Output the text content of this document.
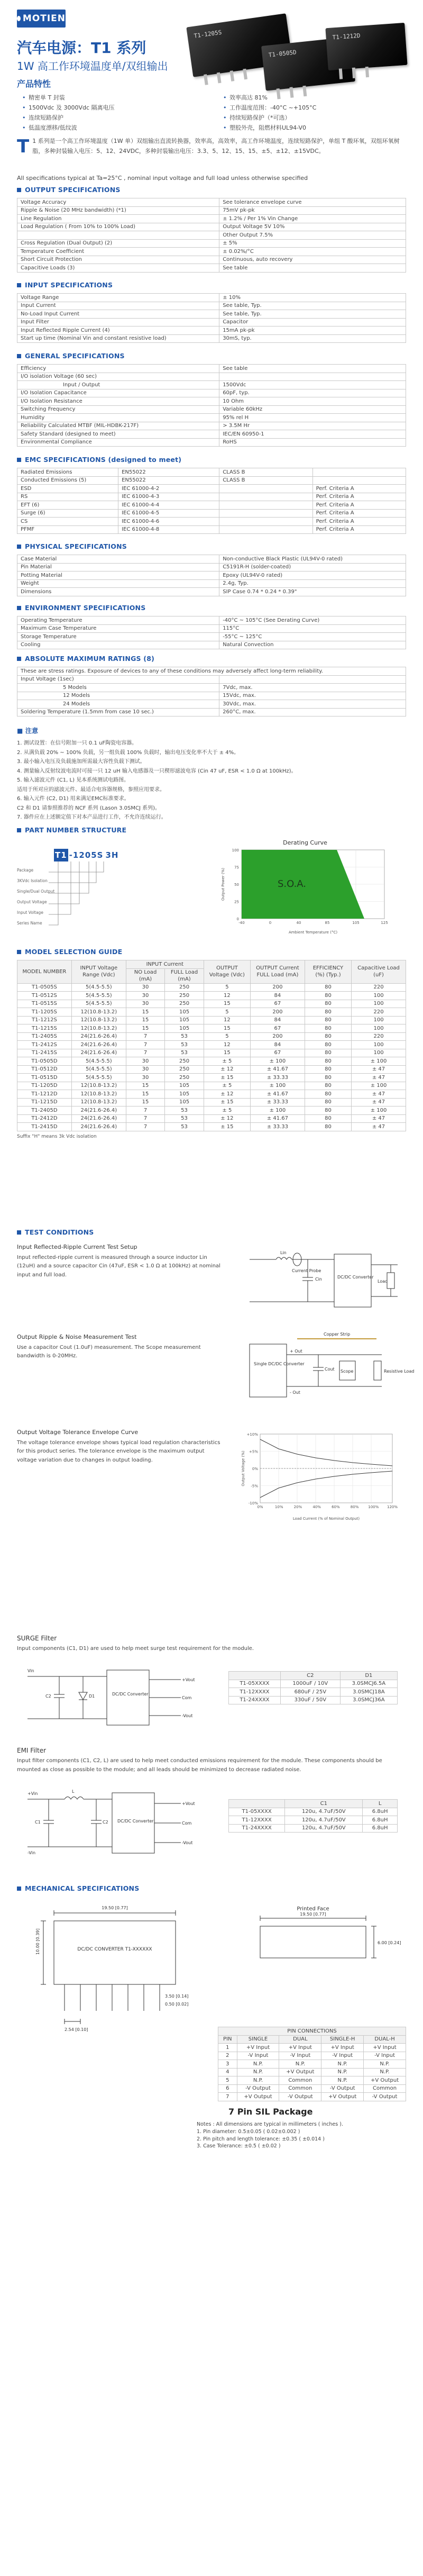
MOTIEN
汽车电源：T1 系列
1W 高工作环境温度单/双组输出
T1-1205S
T1-0505D
T1-1212D
产品特性
• 精密单 T 封装	• 效率高达 81%
• 1500Vdc 及 3000Vdc 隔离电压	• 工作温度范围：-40°C ~+105°C
• 连续短路保护	• 持续短路保护（*可选）
• 低温度漂移/低纹波	• 塑胶外壳，阻燃材料UL94-V0
T 1 系列是一个高工作环境温度（1W 单）双组输出直流转换器，效率高，高效率，高工作环境温度，连续短路保护，单组 T 酸环氧，双组环氧树脂，多种封装输入电压：5、12、24VDC，多种封装输出电压：3.3、5、12、15、15、±5、±12、±15VDC。
All specifications typical at Ta=25°C , nominal input voltage and full load unless otherwise specified
OUTPUT SPECIFICATIONS
Voltage Accuracy	See tolerance envelope curve
Ripple & Noise (20 MHz bandwidth) (*1)	75mV pk-pk
Line Regulation	± 1.2% / Per 1% Vin Change
Load Regulation ( From 10% to 100% Load)	Output Voltage 5V 10%
	Other Output 7.5%
Cross Regulation (Dual Output) (2)	± 5%
Temperature Coefficient	± 0.02%/°C
Short Circuit Protection	Continuous, auto recovery
Capacitive Loads (3)	See table
INPUT SPECIFICATIONS
Voltage Range	± 10%
Input Current	See table, Typ.
No-Load Input Current	See table, Typ.
Input Filter	Capacitor
Input Reflected Ripple Current (4)	15mA pk-pk
Start up time (Nominal Vin and constant resistive load)	30mS, typ.
GENERAL SPECIFICATIONS
Efficiency	See table
I/O isolation Voltage (60 sec)	
Input / Output	1500Vdc
I/O Isolation Capacitance	60pF, typ.
I/O Isolation Resistance	10 Ohm
Switching Frequency	Variable 60kHz
Humidity	95% rel H
Reliability Calculated MTBF (MIL-HDBK-217F)	> 3.5M Hr
Safety Standard (designed to meet)	IEC/EN 60950-1
Environmental Compliance	RoHS
EMC SPECIFICATIONS (designed to meet)
Radiated Emissions	EN55022	CLASS B	
Conducted Emissions (5)	EN55022	CLASS B	
ESD	IEC 61000-4-2		Perf. Criteria A
RS	IEC 61000-4-3		Perf. Criteria A
EFT (6)	IEC 61000-4-4		Perf. Criteria A
Surge (6)	IEC 61000-4-5		Perf. Criteria A
CS	IEC 61000-4-6		Perf. Criteria A
PFMF	IEC 61000-4-8		Perf. Criteria A
PHYSICAL SPECIFICATIONS
Case Material	Non-conductive Black Plastic (UL94V-0 rated)
Pin Material	C5191R-H (solder-coated)
Potting Material	Epoxy (UL94V-0 rated)
Weight	2.4g, Typ.
Dimensions	SIP Case 0.74 * 0.24 * 0.39"
ENVIRONMENT SPECIFICATIONS
Operating Temperature	-40°C ~ 105°C (See Derating Curve)
Maximum Case Temperature	115°C
Storage Temperature	-55°C ~ 125°C
Cooling	Natural Convection
ABSOLUTE MAXIMUM RATINGS (8)
These are stress ratings. Exposure of devices to any of these conditions may adversely affect long-term reliability.	
Input Voltage (1sec)	
5 Models	7Vdc, max.
12 Models	15Vdc, max.
24 Models	30Vdc, max.
Soldering Temperature (1.5mm from case 10 sec.)	260°C, max.
■ 注意
1. 测试设置：在信号附加一只 0.1 uF陶瓷电容器。
2. 从满负载 20% ~ 100% 负载，另一组负载 100% 负载时，输出电压变化率不大于 ± 4%。
3. 最小输入电压及负载施加所需最大容性负载下测试。
4. 测量输入反射纹波电流时可接一只 12 uH 输入电感器及一只楔形滤波电容 (Cin 47 uF, ESR < 1.0 Ω at 100kHz)。
5. 输入滤波元件 (C1, L) 见本系统测试电路图。
适用于所对应的滤波元件、最适合电容器规格，参照应用要求。
6. 输入元件 (C2, D1) 用来满足EMC标准要求。
C2 和 D1 请参照推荐的 NCF 系列 (Lason 3.0SMCJ 系列)。
7. 器件应在上述额定值下对本产品进行工作，不允许连续运行。
PART NUMBER STRUCTURE
T1 -1205S 3H
Package
3KVdc Isolation
Single/Dual Output
Output Voltage
Input Voltage
Series Name
Derating Curve
S.O.A.
-40	0	40	85	105	125
100
75
50
25
0
Output Power (%)
Ambient Temperature (°C)
MODEL SELECTION GUIDE
MODEL NUMBER	INPUT Voltage Range (Vdc)	INPUT Current		OUTPUT Voltage (Vdc)	OUTPUT Current FULL Load (mA)	EFFICIENCY (%) (Typ.)	Capacitive Load (uF)
		NO Load (mA)	FULL Load (mA)				
T1-0505S	5(4.5-5.5)	30	250	5	200	80	220
T1-0512S	5(4.5-5.5)	30	250	12	84	80	100
T1-0515S	5(4.5-5.5)	30	250	15	67	80	100
T1-1205S	12(10.8-13.2)	15	105	5	200	80	220
T1-1212S	12(10.8-13.2)	15	105	12	84	80	100
T1-1215S	12(10.8-13.2)	15	105	15	67	80	100
T1-2405S	24(21.6-26.4)	7	53	5	200	80	220
T1-2412S	24(21.6-26.4)	7	53	12	84	80	100
T1-2415S	24(21.6-26.4)	7	53	15	67	80	100
T1-0505D	5(4.5-5.5)	30	250	± 5	± 100	80	± 100
T1-0512D	5(4.5-5.5)	30	250	± 12	± 41.67	80	± 47
T1-0515D	5(4.5-5.5)	30	250	± 15	± 33.33	80	± 47
T1-1205D	12(10.8-13.2)	15	105	± 5	± 100	80	± 100
T1-1212D	12(10.8-13.2)	15	105	± 12	± 41.67	80	± 47
T1-1215D	12(10.8-13.2)	15	105	± 15	± 33.33	80	± 47
T1-2405D	24(21.6-26.4)	7	53	± 5	± 100	80	± 100
T1-2412D	24(21.6-26.4)	7	53	± 12	± 41.67	80	± 47
T1-2415D	24(21.6-26.4)	7	53	± 15	± 33.33	80	± 47
Suffix "H" means 3k Vdc isolation
TEST CONDITIONS
Input Reflected-Ripple Current Test Setup
Input reflected-ripple current is measured through a source inductor Lin (12uH) and a source capacitor Cin (47uF, ESR < 1.0 Ω at 100kHz) at nominal input and full load.
Lin
Current Probe
Cin	DC/DC Converter
Load
Output Ripple & Noise Measurement Test
Use a capacitor Cout (1.0uF) measurement. The Scope measurement bandwidth is 0-20MHz.
Copper Strip
Single DC/DC Converter
+ Out
- Out
Cout Scope	Resistive Load
Output Voltage Tolerance Envelope Curve
The voltage tolerance envelope shows typical load regulation characteristics for this product series. The tolerance envelope is the maximum output voltage variation due to changes in output loading.
0%	10%	20%	40%	60%	80%	100% 120%
+10%
+5%
0%
-5%
-10%
Output Voltage (%)
Load Current (% of Nominal Output)
SURGE Filter
Input components (C1, D1) are used to help meet surge test requirement for the module.
Vin
C2	D1	DC/DC Converter
+Vout
Com
-Vout
	C2	D1
T1-05XXXX	1000uF / 10V	3.0SMCJ6.5A
T1-12XXXX	680uF / 25V	3.0SMCJ18A
T1-24XXXX	330uF / 50V	3.0SMCJ36A
EMI Filter
Input filter components (C1, C2, L) are used to help meet conducted emissions requirement for the module. These components should be mounted as close as possible to the module; and all leads should be minimized to decrease radiated noise.
+Vin
-Vin
L
C1	C2 DC/DC Converter
+Vout
Com
-Vout
	C1	L
T1-05XXXX	120u, 4.7uF/50V	6.8uH
T1-12XXXX	120u, 4.7uF/50V	6.8uH
T1-24XXXX	120u, 4.7uF/50V	6.8uH
MECHANICAL SPECIFICATIONS
19.50 [0.77]
10.00 [0.39]
2.54 [0.10]
0.50 [0.02]
3.50 [0.14]
DC/DC CONVERTER T1-XXXXXX
Printed Face
19.50 [0.77]
6.00 [0.24]
PIN CONNECTIONS				
PIN	SINGLE	DUAL	SINGLE-H	DUAL-H
1	+V Input	+V Input	+V Input	+V Input
2	-V Input	-V Input	-V Input	-V Input
3	N.P.	N.P.	N.P.	N.P.
4	N.P.	+V Output	N.P.	N.P.
5	N.P.	Common	N.P.	+V Output
6	-V Output	Common	-V Output	Common
7	+V Output	-V Output	+V Output	-V Output
7 Pin SIL Package
Notes : All dimensions are typical in millimeters ( inches ).
1. Pin diameter: 0.5±0.05 ( 0.02±0.002 )
2. Pin pitch and length tolerance: ±0.35 ( ±0.014 )
3. Case Tolerance: ±0.5 ( ±0.02 )
